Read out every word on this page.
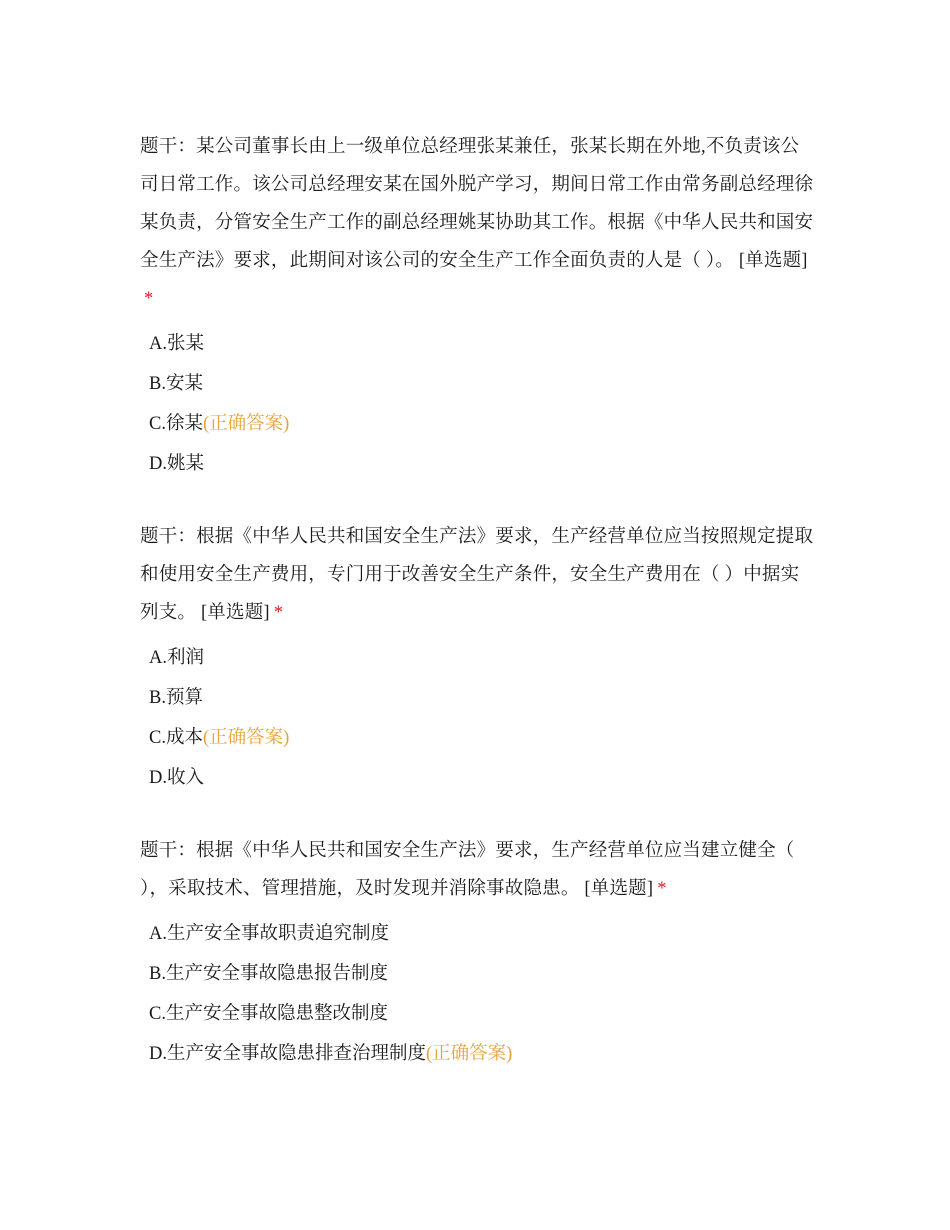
题干：某公司董事长由上一级单位总经理张某兼任，张某长期在外地,不负责该公司日常工作。该公司总经理安某在国外脱产学习，期间日常工作由常务副总经理徐某负责，分管安全生产工作的副总经理姚某协助其工作。根据《中华人民共和国安全生产法》要求，此期间对该公司的安全生产工作全面负责的人是（ ）。 [单选题]*

A.张某

B.安某

C.徐某(正确答案)

D.姚某

题干：根据《中华人民共和国安全生产法》要求，生产经营单位应当按照规定提取和使用安全生产费用，专门用于改善安全生产条件，安全生产费用在（ ）中据实列支。 [单选题] *

A.利润

B.预算

C.成本(正确答案)

D.收入

题干：根据《中华人民共和国安全生产法》要求，生产经营单位应当建立健全（ ），采取技术、管理措施，及时发现并消除事故隐患。 [单选题] *

A.生产安全事故职责追究制度

B.生产安全事故隐患报告制度

C.生产安全事故隐患整改制度

D.生产安全事故隐患排查治理制度(正确答案)
